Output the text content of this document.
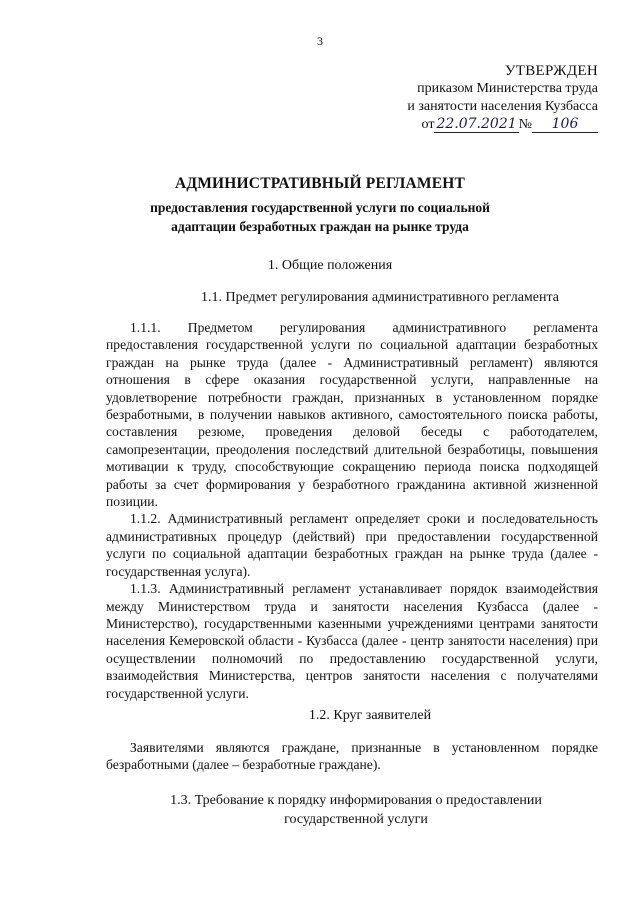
3
УТВЕРЖДЕН
приказом Министерства труда
и занятости населения Кузбасса
от 22.07.2021 № 106
АДМИНИСТРАТИВНЫЙ РЕГЛАМЕНТ
предоставления государственной услуги по социальной адаптации безработных граждан на рынке труда
1. Общие положения
1.1. Предмет регулирования административного регламента

1.1.1. Предметом регулирования административного регламента предоставления государственной услуги по социальной адаптации безработных граждан на рынке труда (далее - Административный регламент) являются отношения в сфере оказания государственной услуги, направленные на удовлетворение потребности граждан, признанных в установленном порядке безработными, в получении навыков активного, самостоятельного поиска работы, составления резюме, проведения деловой беседы с работодателем, самопрезентации, преодоления последствий длительной безработицы, повышения мотивации к труду, способствующие сокращению периода поиска подходящей работы за счет формирования у безработного гражданина активной жизненной позиции.

1.1.2. Административный регламент определяет сроки и последовательность административных процедур (действий) при предоставлении государственной услуги по социальной адаптации безработных граждан на рынке труда (далее - государственная услуга).

1.1.3. Административный регламент устанавливает порядок взаимодействия между Министерством труда и занятости населения Кузбасса (далее - Министерство), государственными казенными учреждениями центрами занятости населения Кемеровской области - Кузбасса (далее - центр занятости населения) при осуществлении полномочий по предоставлению государственной услуги, взаимодействия Министерства, центров занятости населения с получателями государственной услуги.

1.2. Круг заявителей

Заявителями являются граждане, признанные в установленном порядке безработными (далее – безработные граждане).

1.3. Требование к порядку информирования о предоставлении
государственной услуги
